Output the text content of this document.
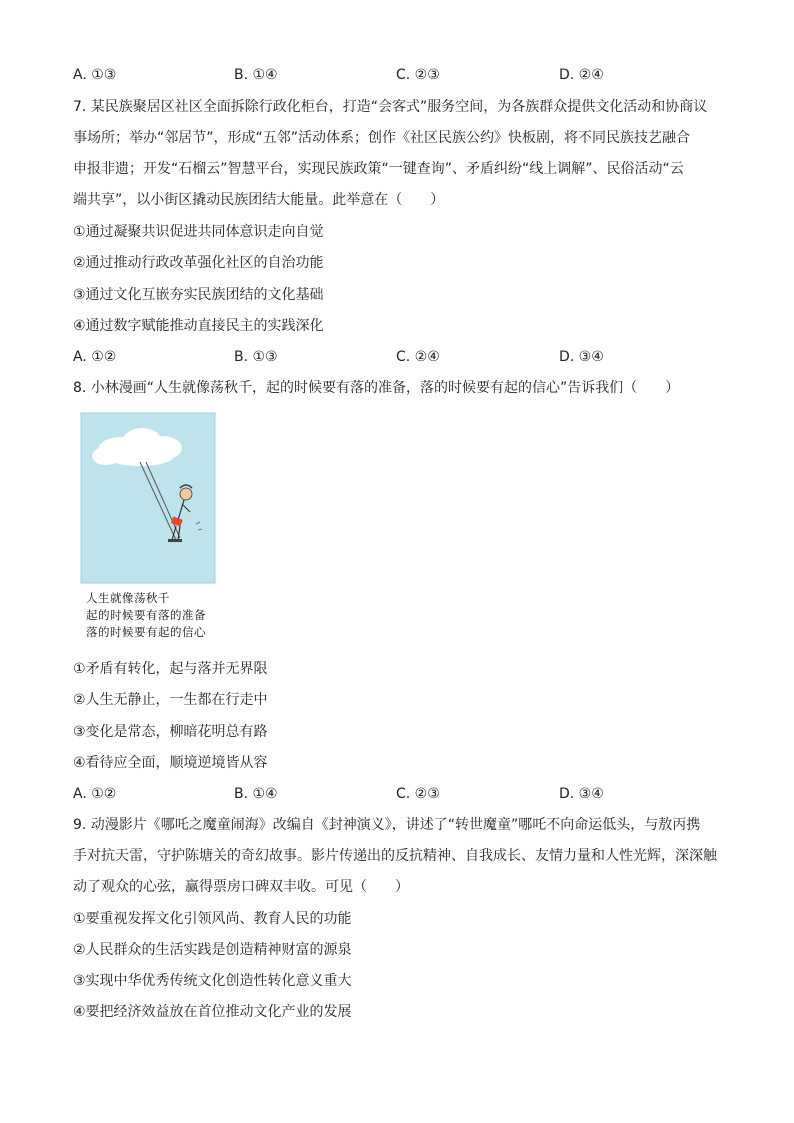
A. ①③	B. ①④	C. ②③	D. ②④
7. 某民族聚居区社区全面拆除行政化柜台，打造“会客式”服务空间，为各族群众提供文化活动和协商议
事场所；举办“邻居节”，形成“五邻”活动体系；创作《社区民族公约》快板剧，将不同民族技艺融合
申报非遗；开发“石榴云”智慧平台，实现民族政策“一键查询”、矛盾纠纷“线上调解”、民俗活动“云
端共享”，以小街区撬动民族团结大能量。此举意在（　　）
①通过凝聚共识促进共同体意识走向自觉
②通过推动行政改革强化社区的自治功能
③通过文化互嵌夯实民族团结的文化基础
④通过数字赋能推动直接民主的实践深化
A. ①②	B. ①③	C. ②④	D. ③④
8. 小林漫画“人生就像荡秋千，起的时候要有落的准备，落的时候要有起的信心”告诉我们（　　）
人生就像荡秋千
起的时候要有落的准备
落的时候要有起的信心
①矛盾有转化，起与落并无界限
②人生无静止，一生都在行走中
③变化是常态，柳暗花明总有路
④看待应全面，顺境逆境皆从容
A. ①②	B. ①④	C. ②③	D. ③④
9. 动漫影片《哪吒之魔童闹海》改编自《封神演义》，讲述了“转世魔童”哪吒不向命运低头，与敖丙携
手对抗天雷，守护陈塘关的奇幻故事。影片传递出的反抗精神、自我成长、友情力量和人性光辉，深深触
动了观众的心弦，赢得票房口碑双丰收。可见（　　）
①要重视发挥文化引领风尚、教育人民的功能
②人民群众的生活实践是创造精神财富的源泉
③实现中华优秀传统文化创造性转化意义重大
④要把经济效益放在首位推动文化产业的发展
